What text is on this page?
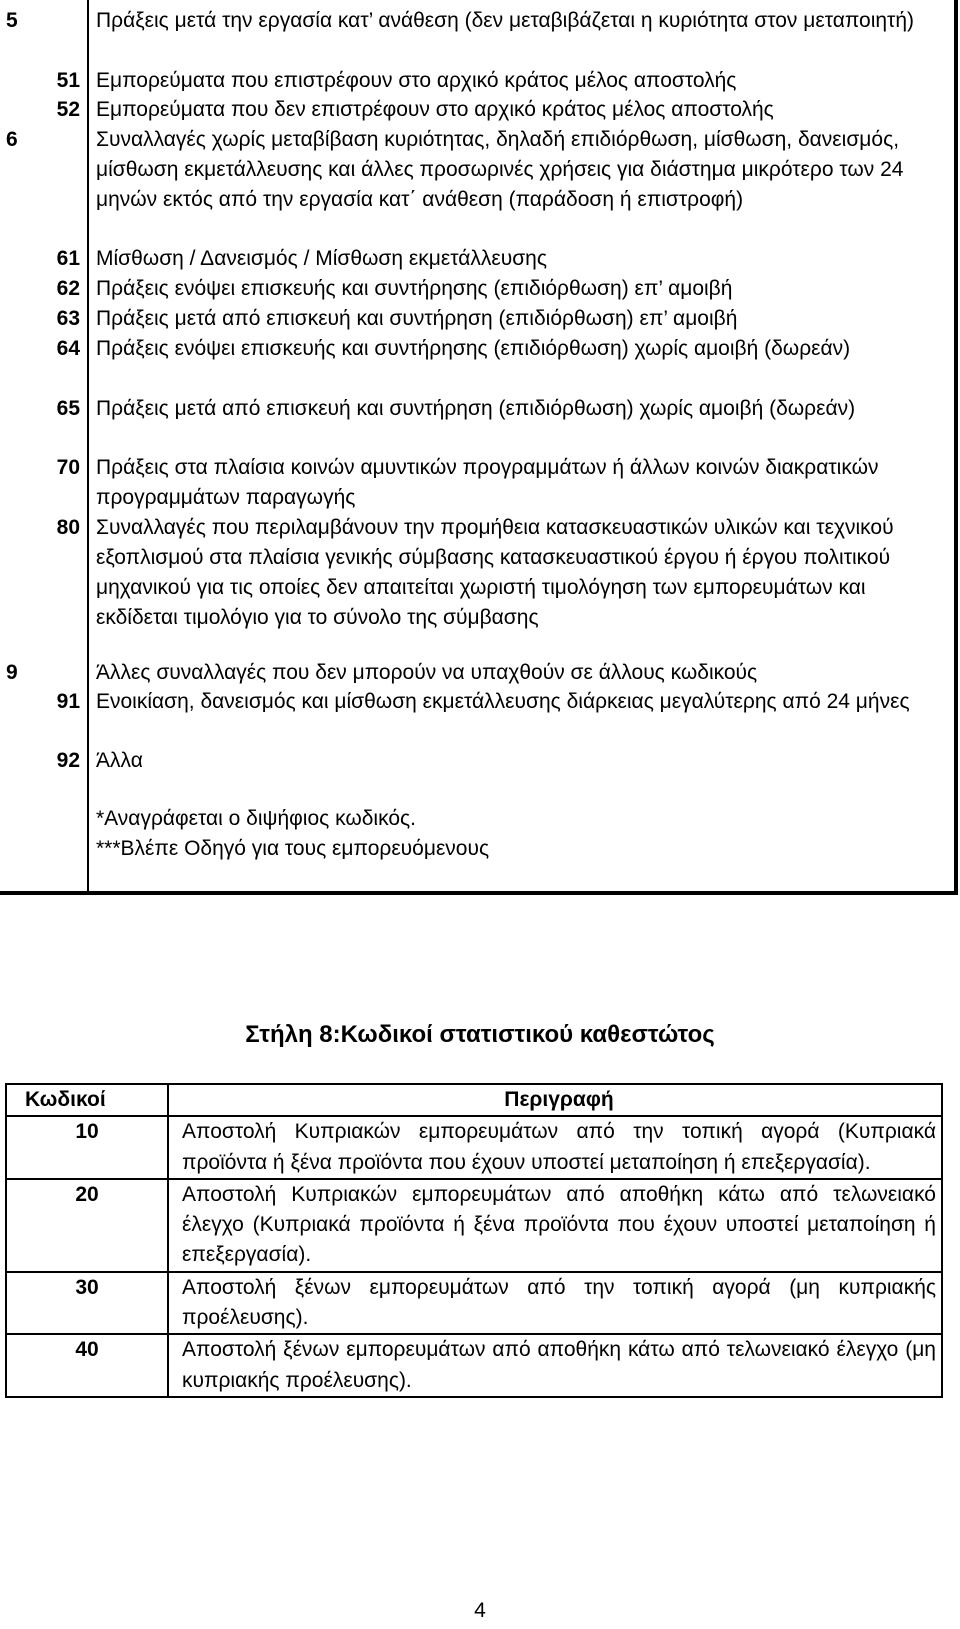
5	Πράξεις μετά την εργασία κατ’ ανάθεση (δεν μεταβιβάζεται η κυριότητα στον μεταποιητή)
51 Εμπορεύματα που επιστρέφουν στο αρχικό κράτος μέλος αποστολής
52 Εμπορεύματα που δεν επιστρέφουν στο αρχικό κράτος μέλος αποστολής
6	Συναλλαγές χωρίς μεταβίβαση κυριότητας, δηλαδή επιδιόρθωση, μίσθωση, δανεισμός, μίσθωση εκμετάλλευσης και άλλες προσωρινές χρήσεις για διάστημα μικρότερο των 24 μηνών εκτός από την εργασία κατ΄ ανάθεση (παράδοση ή επιστροφή)
61 Μίσθωση / Δανεισμός / Μίσθωση εκμετάλλευσης
62 Πράξεις ενόψει επισκευής και συντήρησης (επιδιόρθωση) επ’ αμοιβή
63 Πράξεις μετά από επισκευή και συντήρηση (επιδιόρθωση) επ’ αμοιβή
64 Πράξεις ενόψει επισκευής και συντήρησης (επιδιόρθωση) χωρίς αμοιβή (δωρεάν)
65 Πράξεις μετά από επισκευή και συντήρηση (επιδιόρθωση) χωρίς αμοιβή (δωρεάν)
70 Πράξεις στα πλαίσια κοινών αμυντικών προγραμμάτων ή άλλων κοινών διακρατικών προγραμμάτων παραγωγής
80 Συναλλαγές που περιλαμβάνουν την προμήθεια κατασκευαστικών υλικών και τεχνικού εξοπλισμού στα πλαίσια γενικής σύμβασης κατασκευαστικού έργου ή έργου πολιτικού μηχανικού για τις οποίες δεν απαιτείται χωριστή τιμολόγηση των εμπορευμάτων και εκδίδεται τιμολόγιο για το σύνολο της σύμβασης
9	Άλλες συναλλαγές που δεν μπορούν να υπαχθούν σε άλλους κωδικούς
91 Ενοικίαση, δανεισμός και μίσθωση εκμετάλλευσης διάρκειας μεγαλύτερης από 24 μήνες
92 Άλλα
*Αναγράφεται ο διψήφιος κωδικός.
***Βλέπε Οδηγό για τους εμπορευόμενους
Στήλη 8:Κωδικοί στατιστικού καθεστώτος
Κωδικοί	Περιγραφή
10	Αποστολή Κυπριακών εμπορευμάτων από την τοπική αγορά (Κυπριακά προϊόντα ή ξένα προϊόντα που έχουν υποστεί μεταποίηση ή επεξεργασία).
20	Αποστολή Κυπριακών εμπορευμάτων από αποθήκη κάτω από τελωνειακό έλεγχο (Κυπριακά προϊόντα ή ξένα προϊόντα που έχουν υποστεί μεταποίηση ή επεξεργασία).
30	Αποστολή ξένων εμπορευμάτων από την τοπική αγορά (μη κυπριακής προέλευσης).
40	Αποστολή ξένων εμπορευμάτων από αποθήκη κάτω από τελωνειακό έλεγχο (μη κυπριακής προέλευσης).
4
